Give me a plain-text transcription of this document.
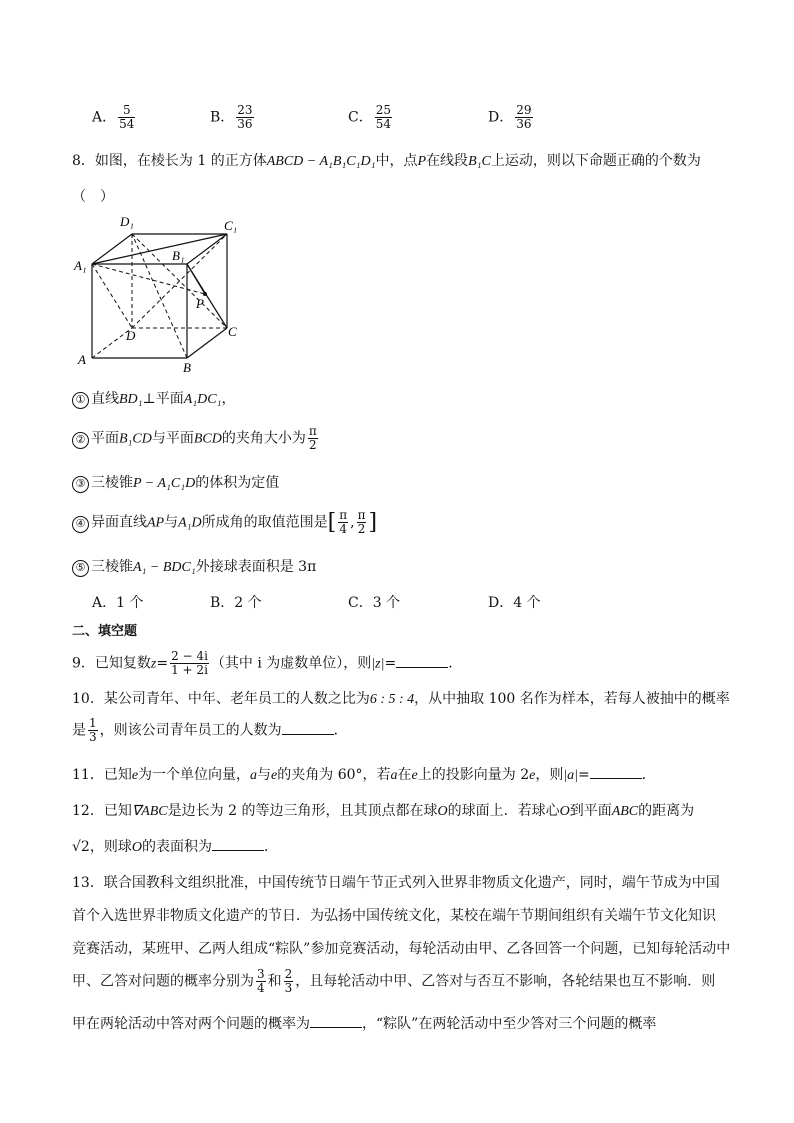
A． $\frac{5}{54}$	B． $\frac{23}{36}$	C． $\frac{25}{54}$	D． $\frac{29}{36}$
8．如图，在棱长为 1 的正方体ABCD − A₁B₁C₁D₁中，点P在线段B₁C上运动，则以下命题正确的个数为
（　）
D₁	C₁
A₁
B₁
P
D	C
A
B
① 直线BD₁⊥平面A₁DC₁，
② 平面B₁CD与平面BCD的夹角大小为 $\frac{\pi}{2}$
③ 三棱锥P − A₁C₁D的体积为定值
④ 异面直线AP与A₁D所成角的取值范围是[ $\frac{\pi}{4}$ , $\frac{\pi}{2}$ ]
⑤ 三棱锥A₁ − BDC₁外接球表面积是 3π
A．1 个	B．2 个	C．3 个	D．4 个
二、填空题
9．已知复数$z= \frac{2 - 4i}{1 + 2i}$ （其中 i 为虚数单位），则|z|=	．
10．某公司青年、中年、老年员工的人数之比为6 : 5 : 4，从中抽取 100 名作为样本，若每人被抽中的概率
是 $\frac{1}{3}$ ，则该公司青年员工的人数为	．
11．已知e为一个单位向量，a与e的夹角为 60°，若a在e上的投影向量为 2e，则|a|=	．
12．已知∇ABC是边长为 2 的等边三角形，且其顶点都在球O的球面上．若球心O到平面ABC的距离为
√2，则球O的表面积为	．
13．联合国教科文组织批准，中国传统节日端午节正式列入世界非物质文化遗产，同时，端午节成为中国
首个入选世界非物质文化遗产的节日．为弘扬中国传统文化，某校在端午节期间组织有关端午节文化知识
竞赛活动，某班甲、乙两人组成“粽队”参加竞赛活动，每轮活动由甲、乙各回答一个问题，已知每轮活动中
甲、乙答对问题的概率分别为 $\frac{3}{4}$ 和 $\frac{2}{3}$ ，且每轮活动中甲、乙答对与否互不影响，各轮结果也互不影响．则
甲在两轮活动中答对两个问题的概率为	，“粽队”在两轮活动中至少答对三个问题的概率
